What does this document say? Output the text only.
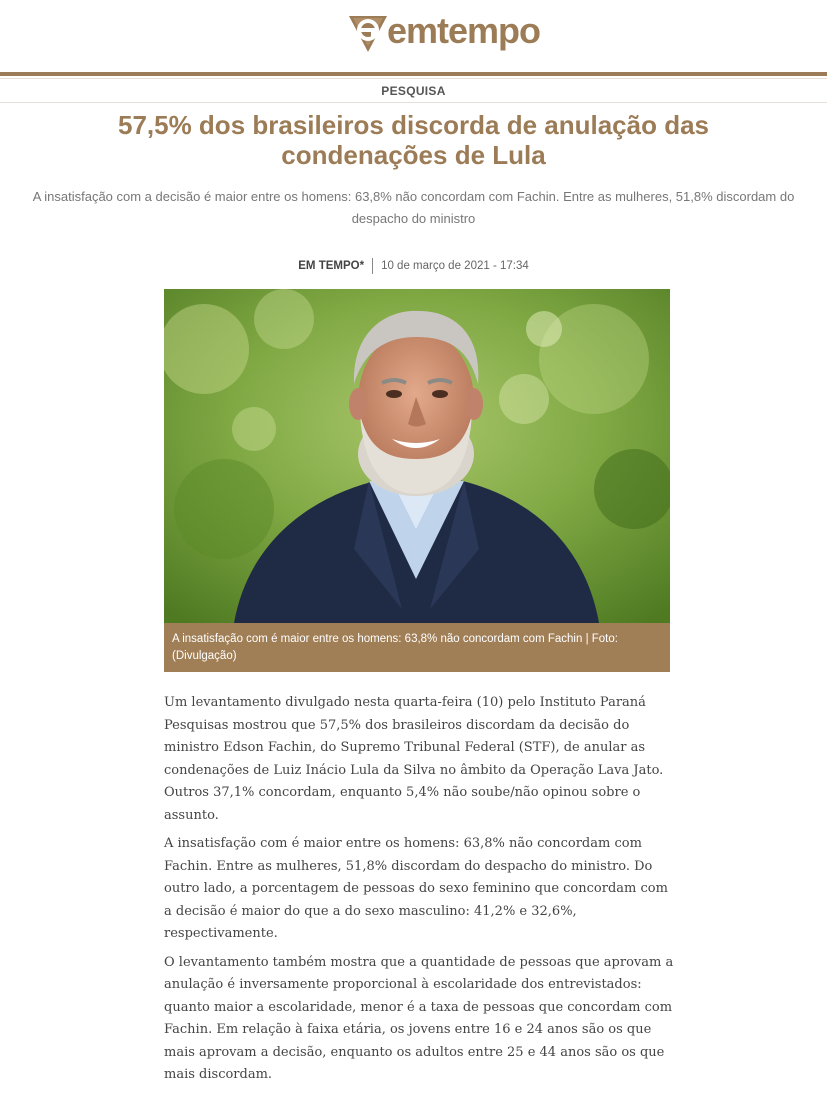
emtempo
PESQUISA
57,5% dos brasileiros discorda de anulação das condenações de Lula

A insatisfação com a decisão é maior entre os homens: 63,8% não concordam com Fachin. Entre as mulheres, 51,8% discordam do despacho do ministro

EM TEMPO* 10 de março de 2021 - 17:34
A insatisfação com é maior entre os homens: 63,8% não concordam com Fachin | Foto: (Divulgação)

Um levantamento divulgado nesta quarta-feira (10) pelo Instituto Paraná Pesquisas mostrou que 57,5% dos brasileiros discordam da decisão do ministro Edson Fachin, do Supremo Tribunal Federal (STF), de anular as condenações de Luiz Inácio Lula da Silva no âmbito da Operação Lava Jato. Outros 37,1% concordam, enquanto 5,4% não soube/não opinou sobre o assunto.

A insatisfação com é maior entre os homens: 63,8% não concordam com Fachin. Entre as mulheres, 51,8% discordam do despacho do ministro. Do outro lado, a porcentagem de pessoas do sexo feminino que concordam com a decisão é maior do que a do sexo masculino: 41,2% e 32,6%, respectivamente.

O levantamento também mostra que a quantidade de pessoas que aprovam a anulação é inversamente proporcional à escolaridade dos entrevistados: quanto maior a escolaridade, menor é a taxa de pessoas que concordam com Fachin. Em relação à faixa etária, os jovens entre 16 e 24 anos são os que mais aprovam a decisão, enquanto os adultos entre 25 e 44 anos são os que mais discordam.
